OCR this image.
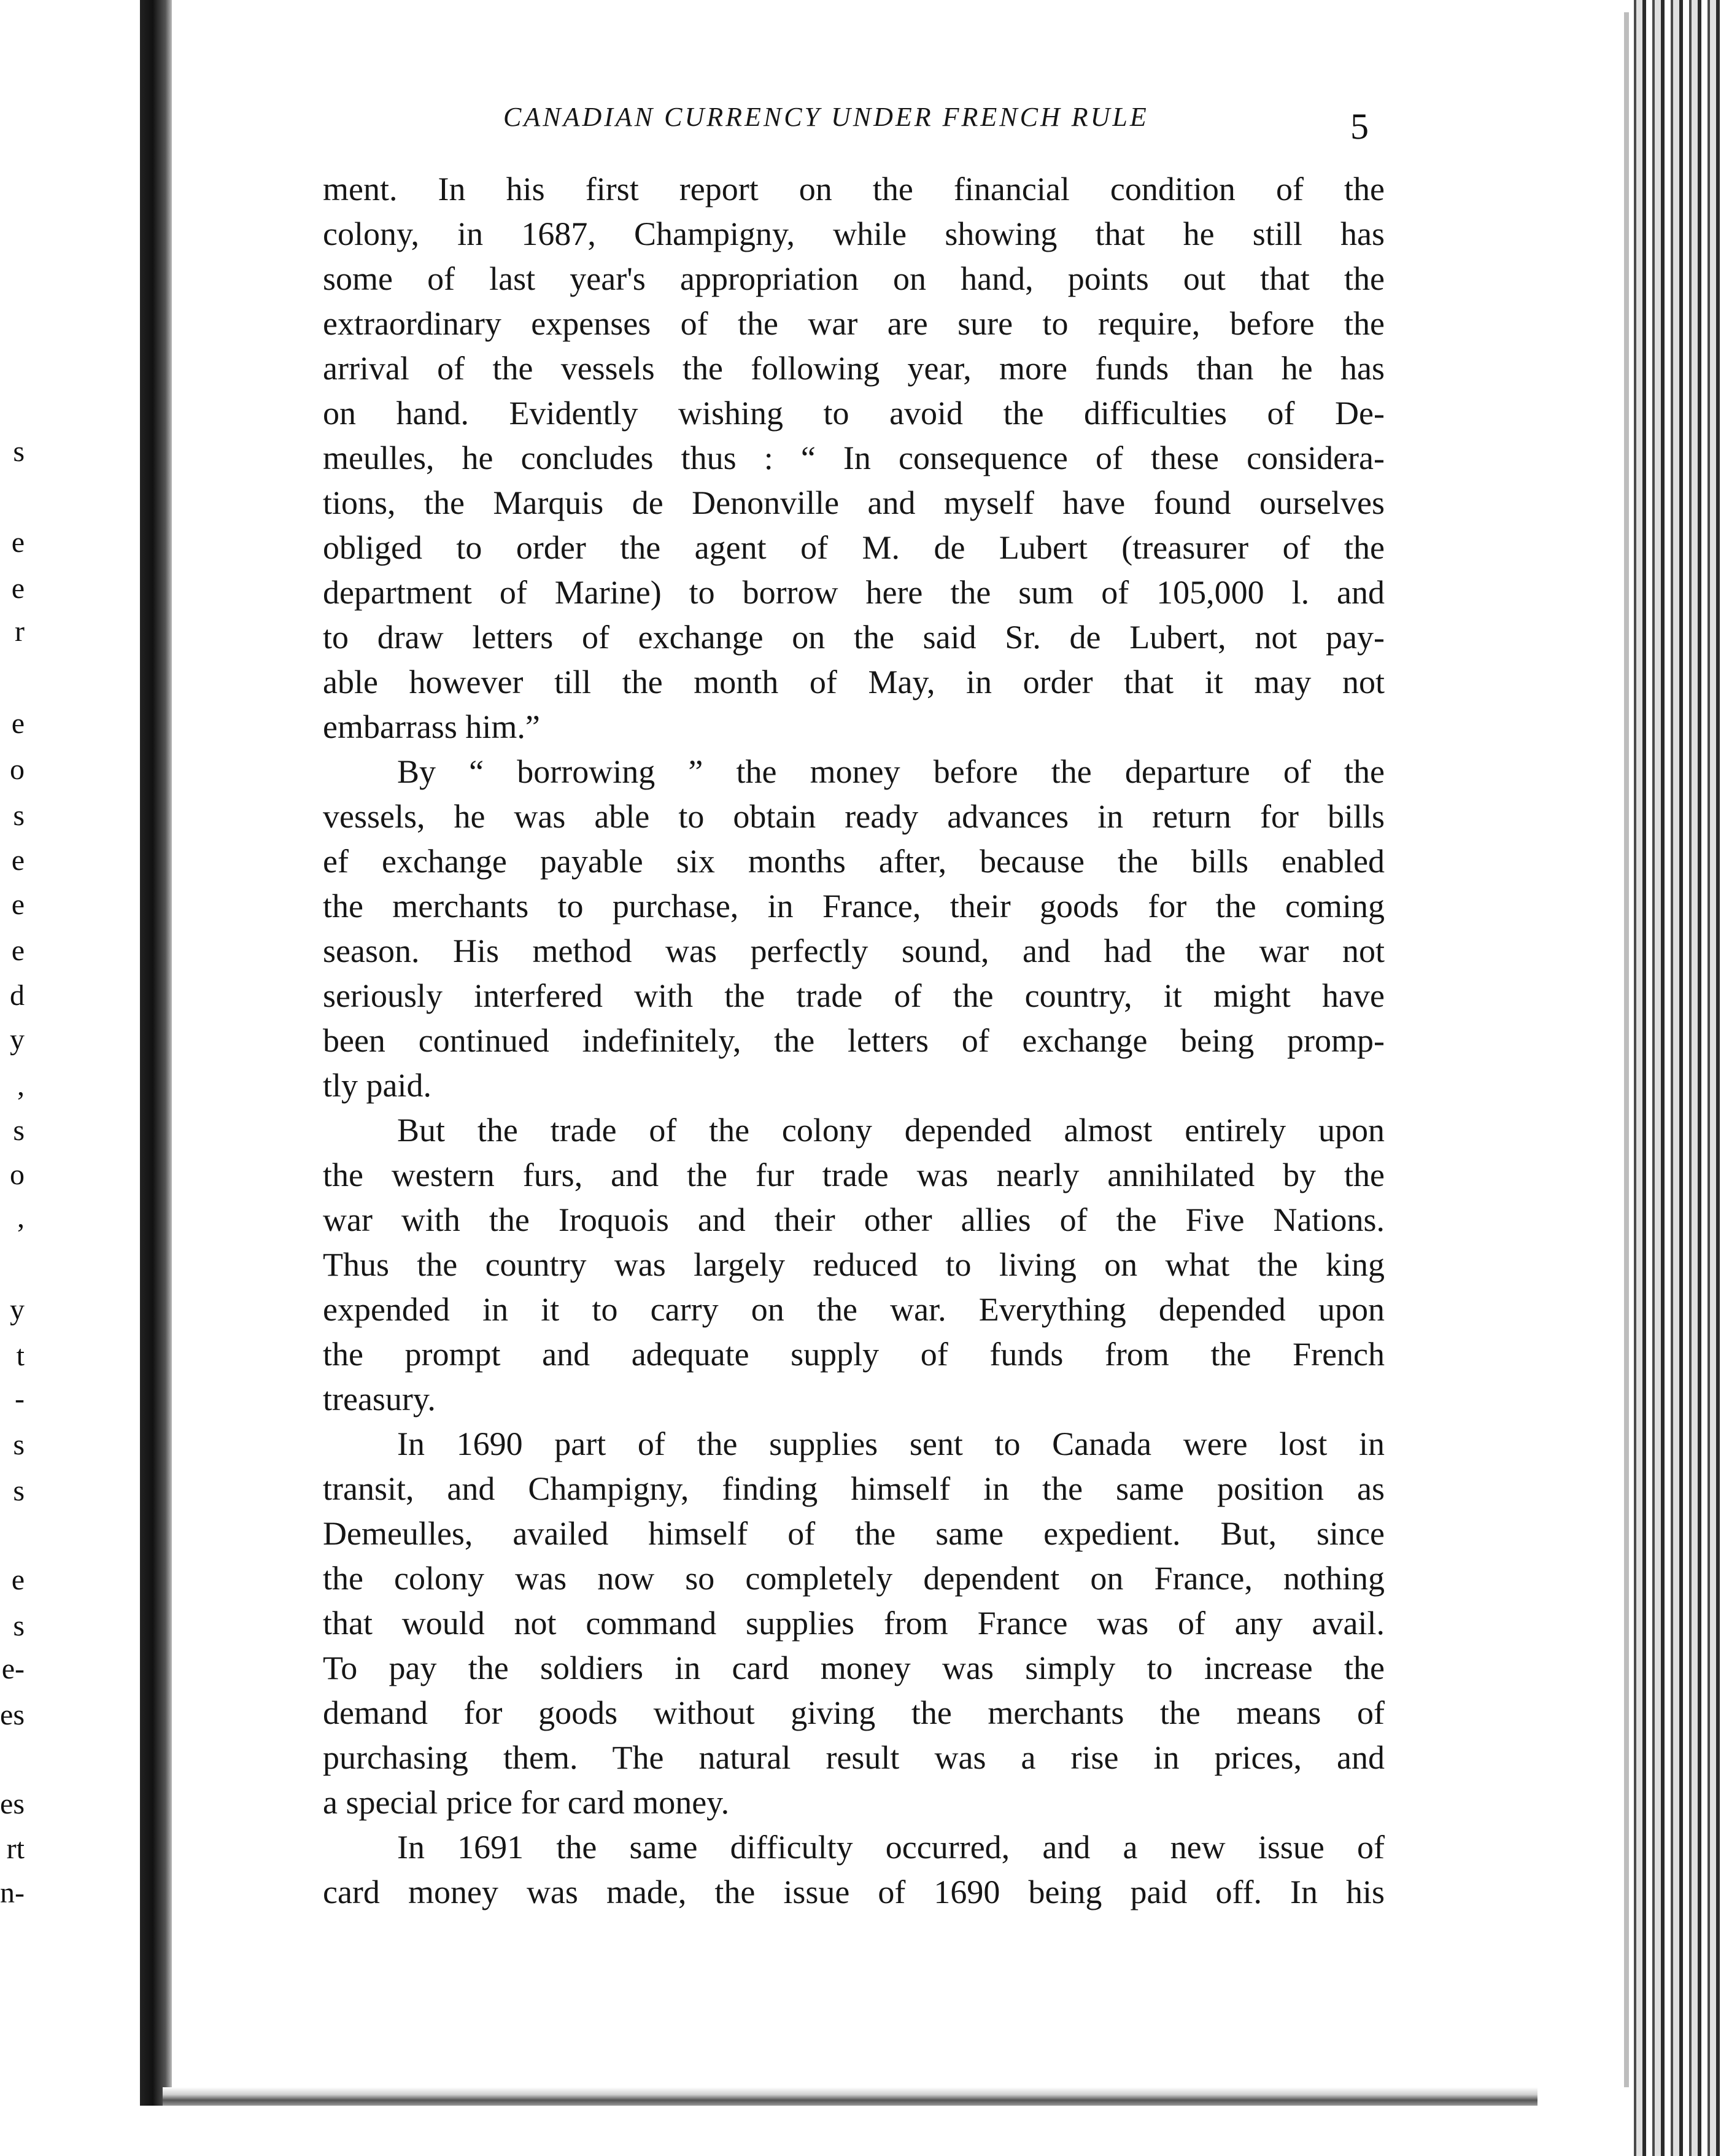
s
e
e
r
e
o
s
e
e
e
d
y
,
s
o
,
y
t
-
s
s
e
s
e-
es
es
rt
n-
CANADIAN CURRENCY UNDER FRENCH RULE	5
ment. In his first report on the financial condition of the
colony, in 1687, Champigny, while showing that he still has
some of last year's appropriation on hand, points out that the
extraordinary expenses of the war are sure to require, before the
arrival of the vessels the following year, more funds than he has
on hand. Evidently wishing to avoid the difficulties of De-
meulles, he concludes thus : “ In consequence of these considera-
tions, the Marquis de Denonville and myself have found ourselves
obliged to order the agent of M. de Lubert (treasurer of the
department of Marine) to borrow here the sum of 105,000 l. and
to draw letters of exchange on the said Sr. de Lubert, not pay-
able however till the month of May, in order that it may not
embarrass him.”
By “ borrowing ” the money before the departure of the
vessels, he was able to obtain ready advances in return for bills
ef exchange payable six months after, because the bills enabled
the merchants to purchase, in France, their goods for the coming
season. His method was perfectly sound, and had the war not
seriously interfered with the trade of the country, it might have
been continued indefinitely, the letters of exchange being promp-
tly paid.
But the trade of the colony depended almost entirely upon
the western furs, and the fur trade was nearly annihilated by the
war with the Iroquois and their other allies of the Five Nations.
Thus the country was largely reduced to living on what the king
expended in it to carry on the war. Everything depended upon
the prompt and adequate supply of funds from the French
treasury.
In 1690 part of the supplies sent to Canada were lost in
transit, and Champigny, finding himself in the same position as
Demeulles, availed himself of the same expedient. But, since
the colony was now so completely dependent on France, nothing
that would not command supplies from France was of any avail.
To pay the soldiers in card money was simply to increase the
demand for goods without giving the merchants the means of
purchasing them. The natural result was a rise in prices, and
a special price for card money.
In 1691 the same difficulty occurred, and a new issue of
card money was made, the issue of 1690 being paid off. In his
